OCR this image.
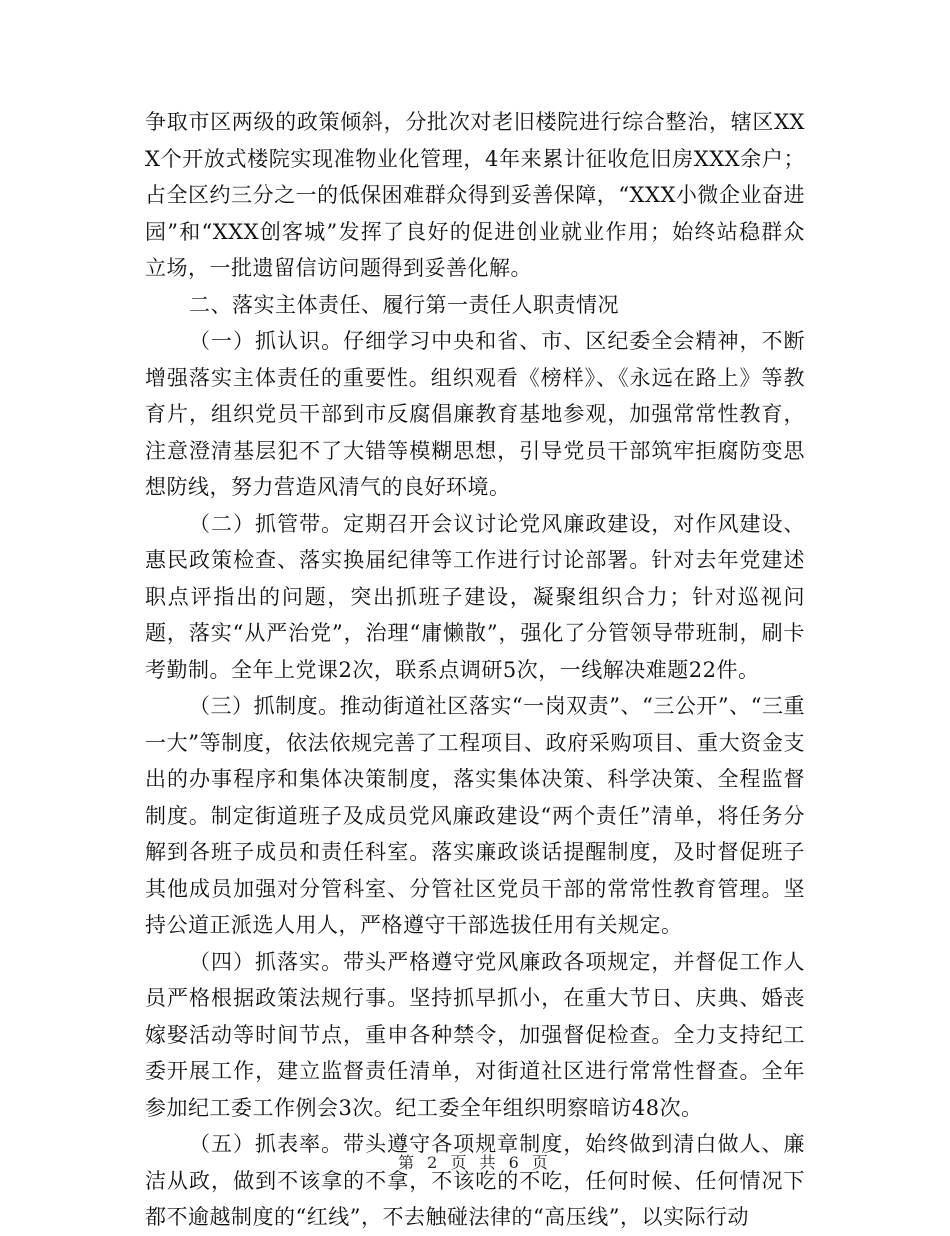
争取市区两级的政策倾斜，分批次对老旧楼院进行综合整治，辖区XXX个开放式楼院实现准物业化管理，4年来累计征收危旧房XXX余户；占全区约三分之一的低保困难群众得到妥善保障，“XXX小微企业奋进园”和“XXX创客城”发挥了良好的促进创业就业作用；始终站稳群众立场，一批遗留信访问题得到妥善化解。

二、落实主体责任、履行第一责任人职责情况

（一）抓认识。仔细学习中央和省、市、区纪委全会精神，不断增强落实主体责任的重要性。组织观看《榜样》、《永远在路上》等教育片，组织党员干部到市反腐倡廉教育基地参观，加强常常性教育，注意澄清基层犯不了大错等模糊思想，引导党员干部筑牢拒腐防变思想防线，努力营造风清气的良好环境。

（二）抓管带。定期召开会议讨论党风廉政建设，对作风建设、惠民政策检查、落实换届纪律等工作进行讨论部署。针对去年党建述职点评指出的问题，突出抓班子建设，凝聚组织合力；针对巡视问题，落实“从严治党”，治理“庸懒散”，强化了分管领导带班制，刷卡考勤制。全年上党课2次，联系点调研5次，一线解决难题22件。

（三）抓制度。推动街道社区落实“一岗双责”、“三公开”、“三重一大”等制度，依法依规完善了工程项目、政府采购项目、重大资金支出的办事程序和集体决策制度，落实集体决策、科学决策、全程监督制度。制定街道班子及成员党风廉政建设“两个责任”清单，将任务分解到各班子成员和责任科室。落实廉政谈话提醒制度，及时督促班子其他成员加强对分管科室、分管社区党员干部的常常性教育管理。坚持公道正派选人用人，严格遵守干部选拔任用有关规定。

（四）抓落实。带头严格遵守党风廉政各项规定，并督促工作人员严格根据政策法规行事。坚持抓早抓小，在重大节日、庆典、婚丧嫁娶活动等时间节点，重申各种禁令，加强督促检查。全力支持纪工委开展工作，建立监督责任清单，对街道社区进行常常性督查。全年参加纪工委工作例会3次。纪工委全年组织明察暗访48次。

（五）抓表率。带头遵守各项规章制度，始终做到清白做人、廉洁从政，做到不该拿的不拿，不该吃的不吃，任何时候、任何情况下都不逾越制度的“红线”，不去触碰法律的“高压线”，以实际行动

第 2 页 共 6 页
